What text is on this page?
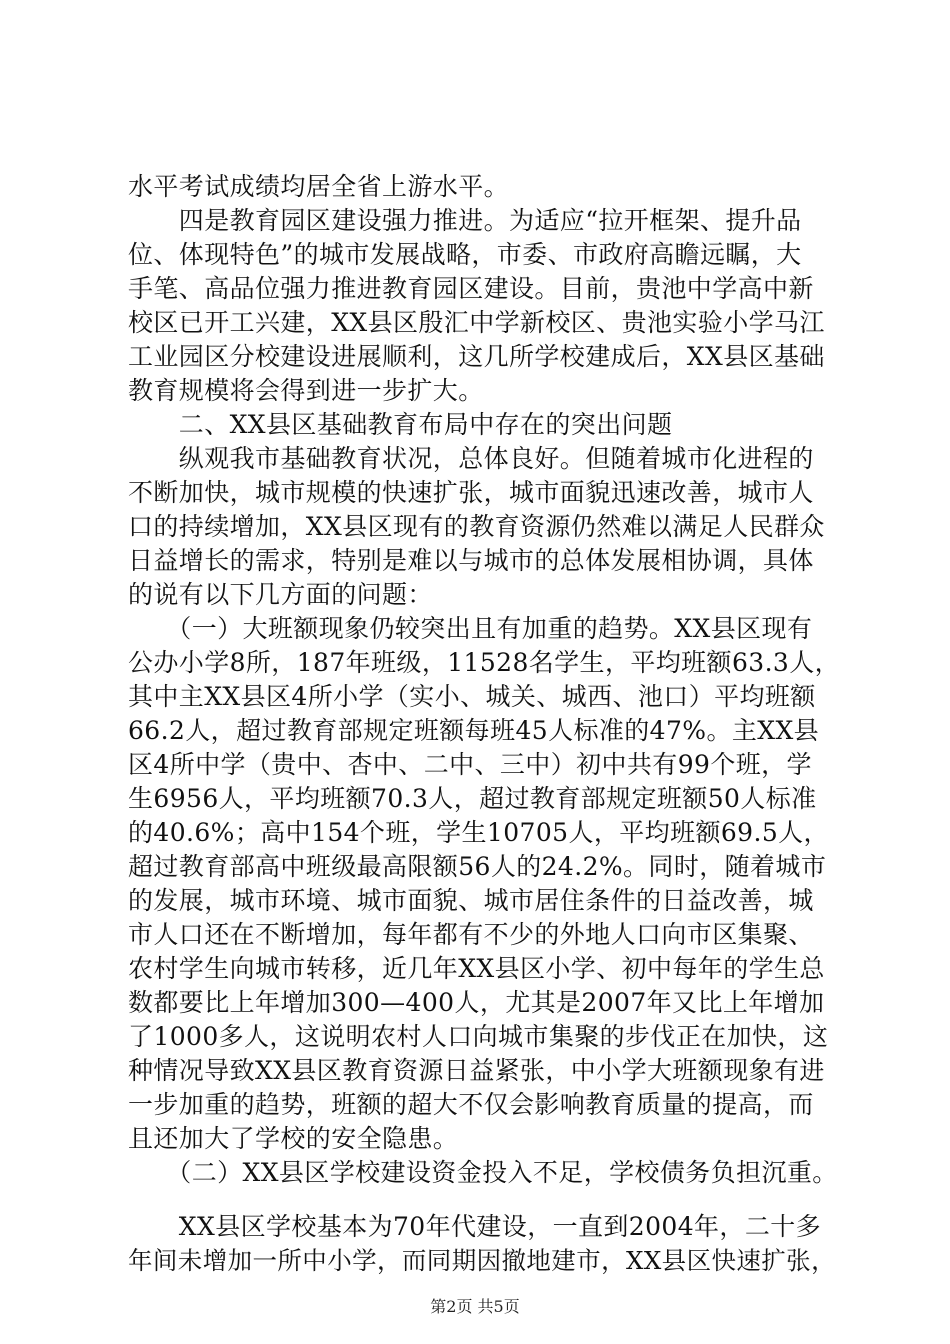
水平考试成绩均居全省上游水平。
　　四是教育园区建设强力推进。为适应“拉开框架、提升品
位、体现特色”的城市发展战略，市委、市政府高瞻远瞩，大
手笔、高品位强力推进教育园区建设。目前，贵池中学高中新
校区已开工兴建，XX县区殷汇中学新校区、贵池实验小学马江
工业园区分校建设进展顺利，这几所学校建成后，XX县区基础
教育规模将会得到进一步扩大。
　　二、XX县区基础教育布局中存在的突出问题
　　纵观我市基础教育状况，总体良好。但随着城市化进程的
不断加快，城市规模的快速扩张，城市面貌迅速改善，城市人
口的持续增加，XX县区现有的教育资源仍然难以满足人民群众
日益增长的需求，特别是难以与城市的总体发展相协调，具体
的说有以下几方面的问题：
　　（一）大班额现象仍较突出且有加重的趋势。XX县区现有
公办小学8所，187年班级，11528名学生，平均班额63.3人，
其中主XX县区4所小学（实小、城关、城西、池口）平均班额
66.2人，超过教育部规定班额每班45人标准的47%。主XX县
区4所中学（贵中、杏中、二中、三中）初中共有99个班，学
生6956人，平均班额70.3人，超过教育部规定班额50人标准
的40.6%；高中154个班，学生10705人，平均班额69.5人，
超过教育部高中班级最高限额56人的24.2%。同时，随着城市
的发展，城市环境、城市面貌、城市居住条件的日益改善，城
市人口还在不断增加，每年都有不少的外地人口向市区集聚、
农村学生向城市转移，近几年XX县区小学、初中每年的学生总
数都要比上年增加300—400人，尤其是2007年又比上年增加
了1000多人，这说明农村人口向城市集聚的步伐正在加快，这
种情况导致XX县区教育资源日益紧张，中小学大班额现象有进
一步加重的趋势，班额的超大不仅会影响教育质量的提高，而
且还加大了学校的安全隐患。
　　（二）XX县区学校建设资金投入不足，学校债务负担沉重。
　　XX县区学校基本为70年代建设，一直到2004年，二十多
年间未增加一所中小学，而同期因撤地建市，XX县区快速扩张，
第2页 共5页
